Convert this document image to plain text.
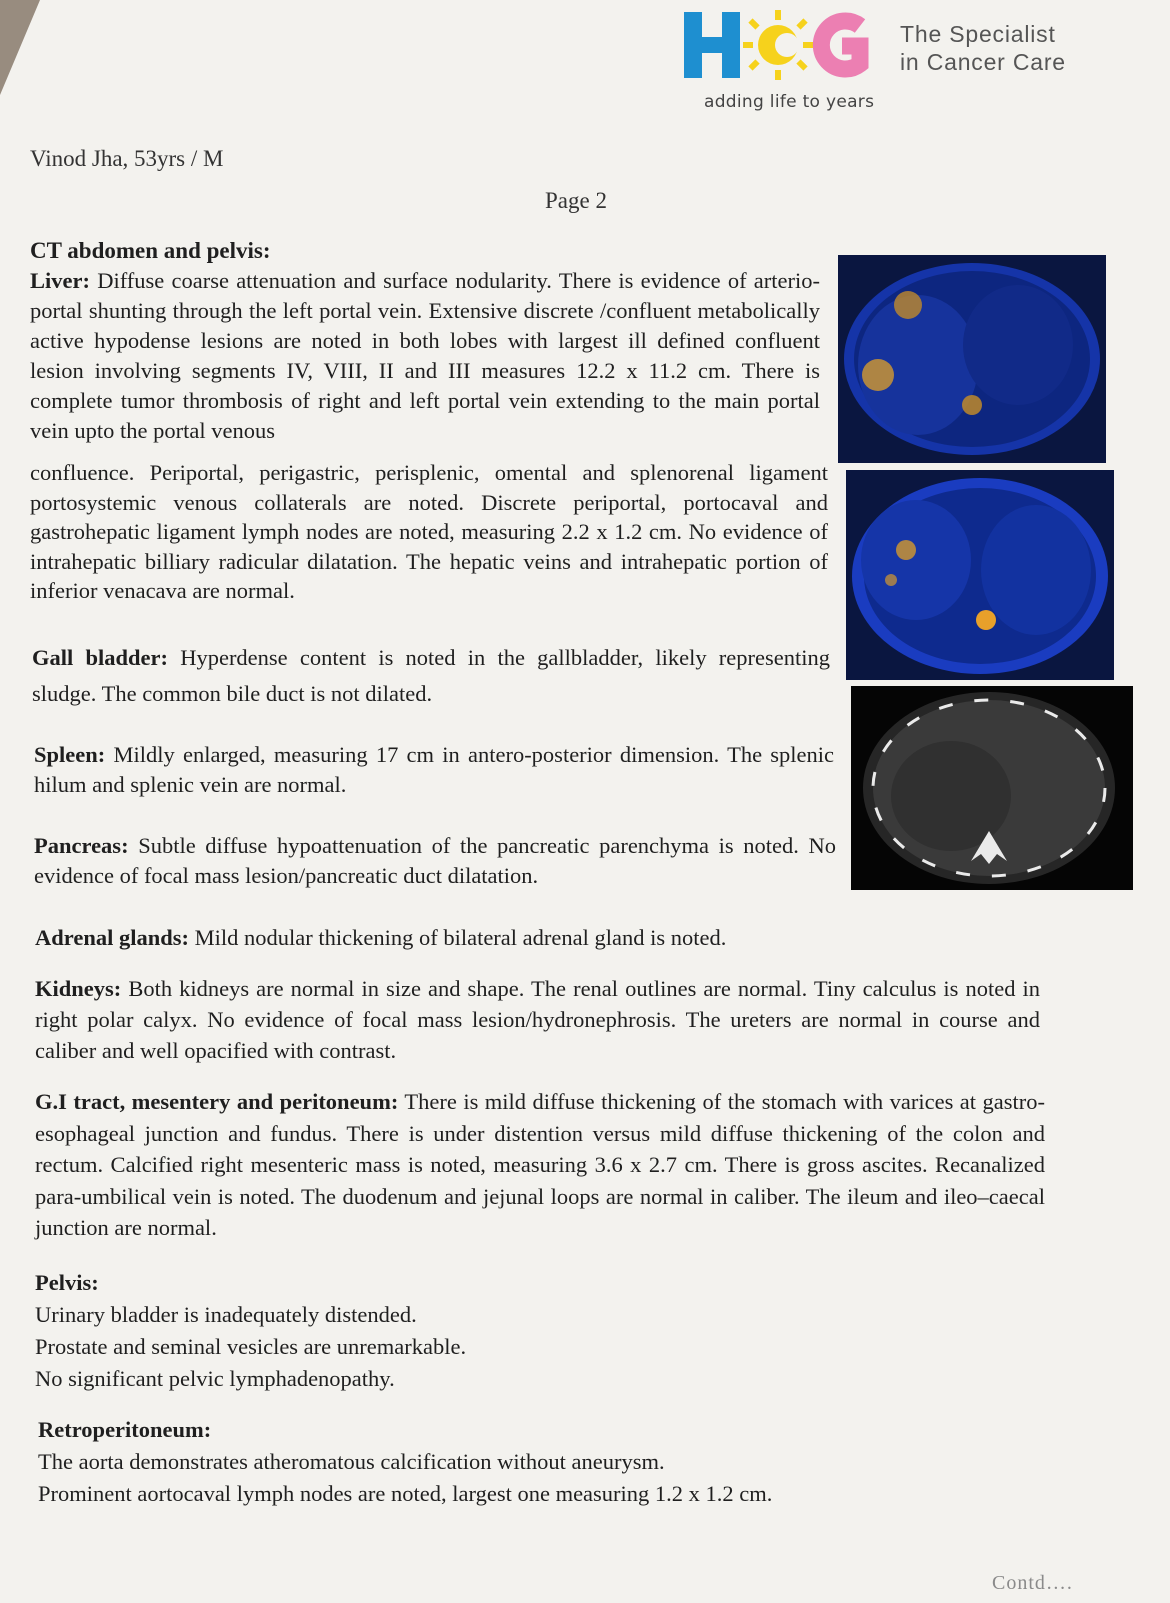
The Specialist
in Cancer Care
adding life to years
Vinod Jha, 53yrs / M
Page 2
CT abdomen and pelvis:
Liver: Diffuse coarse attenuation and surface nodularity. There is evidence of arterio-portal shunting through the left portal vein. Extensive discrete /confluent metabolically active hypodense lesions are noted in both lobes with largest ill defined confluent lesion involving segments IV, VIII, II and III measures 12.2 x 11.2 cm. There is complete tumor thrombosis of right and left portal vein extending to the main portal vein upto the portal venous
confluence. Periportal, perigastric, perisplenic, omental and splenorenal ligament portosystemic venous collaterals are noted. Discrete periportal, portocaval and gastrohepatic ligament lymph nodes are noted, measuring 2.2 x 1.2 cm. No evidence of intrahepatic billiary radicular dilatation. The hepatic veins and intrahepatic portion of inferior venacava are normal.
Gall bladder: Hyperdense content is noted in the gallbladder, likely representing sludge. The common bile duct is not dilated.
Spleen: Mildly enlarged, measuring 17 cm in antero-posterior dimension. The splenic hilum and splenic vein are normal.
Pancreas: Subtle diffuse hypoattenuation of the pancreatic parenchyma is noted. No evidence of focal mass lesion/pancreatic duct dilatation.
Adrenal glands: Mild nodular thickening of bilateral adrenal gland is noted.
Kidneys: Both kidneys are normal in size and shape. The renal outlines are normal. Tiny calculus is noted in right polar calyx. No evidence of focal mass lesion/hydronephrosis. The ureters are normal in course and caliber and well opacified with contrast.
G.I tract, mesentery and peritoneum: There is mild diffuse thickening of the stomach with varices at gastro-esophageal junction and fundus. There is under distention versus mild diffuse thickening of the colon and rectum. Calcified right mesenteric mass is noted, measuring 3.6 x 2.7 cm. There is gross ascites. Recanalized para-umbilical vein is noted. The duodenum and jejunal loops are normal in caliber. The ileum and ileo–caecal junction are normal.
Pelvis:
Urinary bladder is inadequately distended.
Prostate and seminal vesicles are unremarkable.
No significant pelvic lymphadenopathy.
Retroperitoneum:
The aorta demonstrates atheromatous calcification without aneurysm.
Prominent aortocaval lymph nodes are noted, largest one measuring 1.2 x 1.2 cm.
Contd….
